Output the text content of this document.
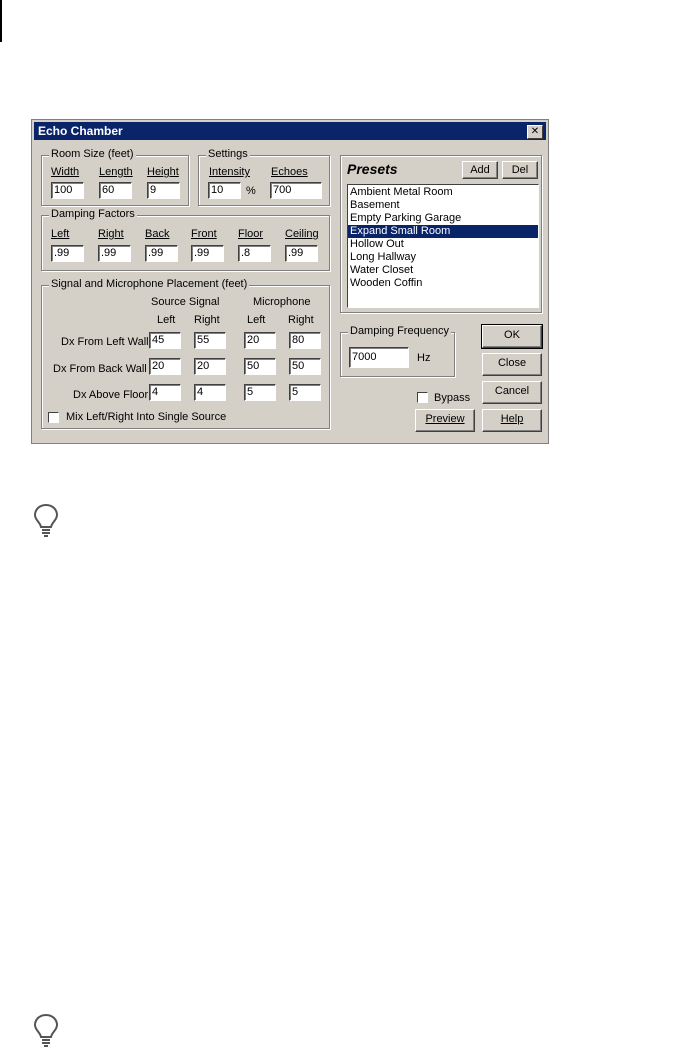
Echo Chamber	✕
Room Size (feet)
Width Length Height
100	60	9
Settings
Intensity Echoes
10	% 700
Damping Factors
Left	Right Back Front Floor Ceiling
.99	.99	.99	.99	.8	.99
Signal and Microphone Placement (feet)
Source Signal	Microphone
Left Right Left Right
Dx From Left Wall 45	55	20	80
Dx From Back Wall 20	20	50	50
Dx Above Floor 4	4	5	5
Mix Left/Right Into Single Source
Presets	Add	Del
Ambient Metal Room
Basement
Empty Parking Garage
Expand Small Room
Hollow Out
Long Hallway
Water Closet
Wooden Coffin
Damping Frequency
7000	Hz
OK
Close
Cancel
Help
Bypass
Preview
